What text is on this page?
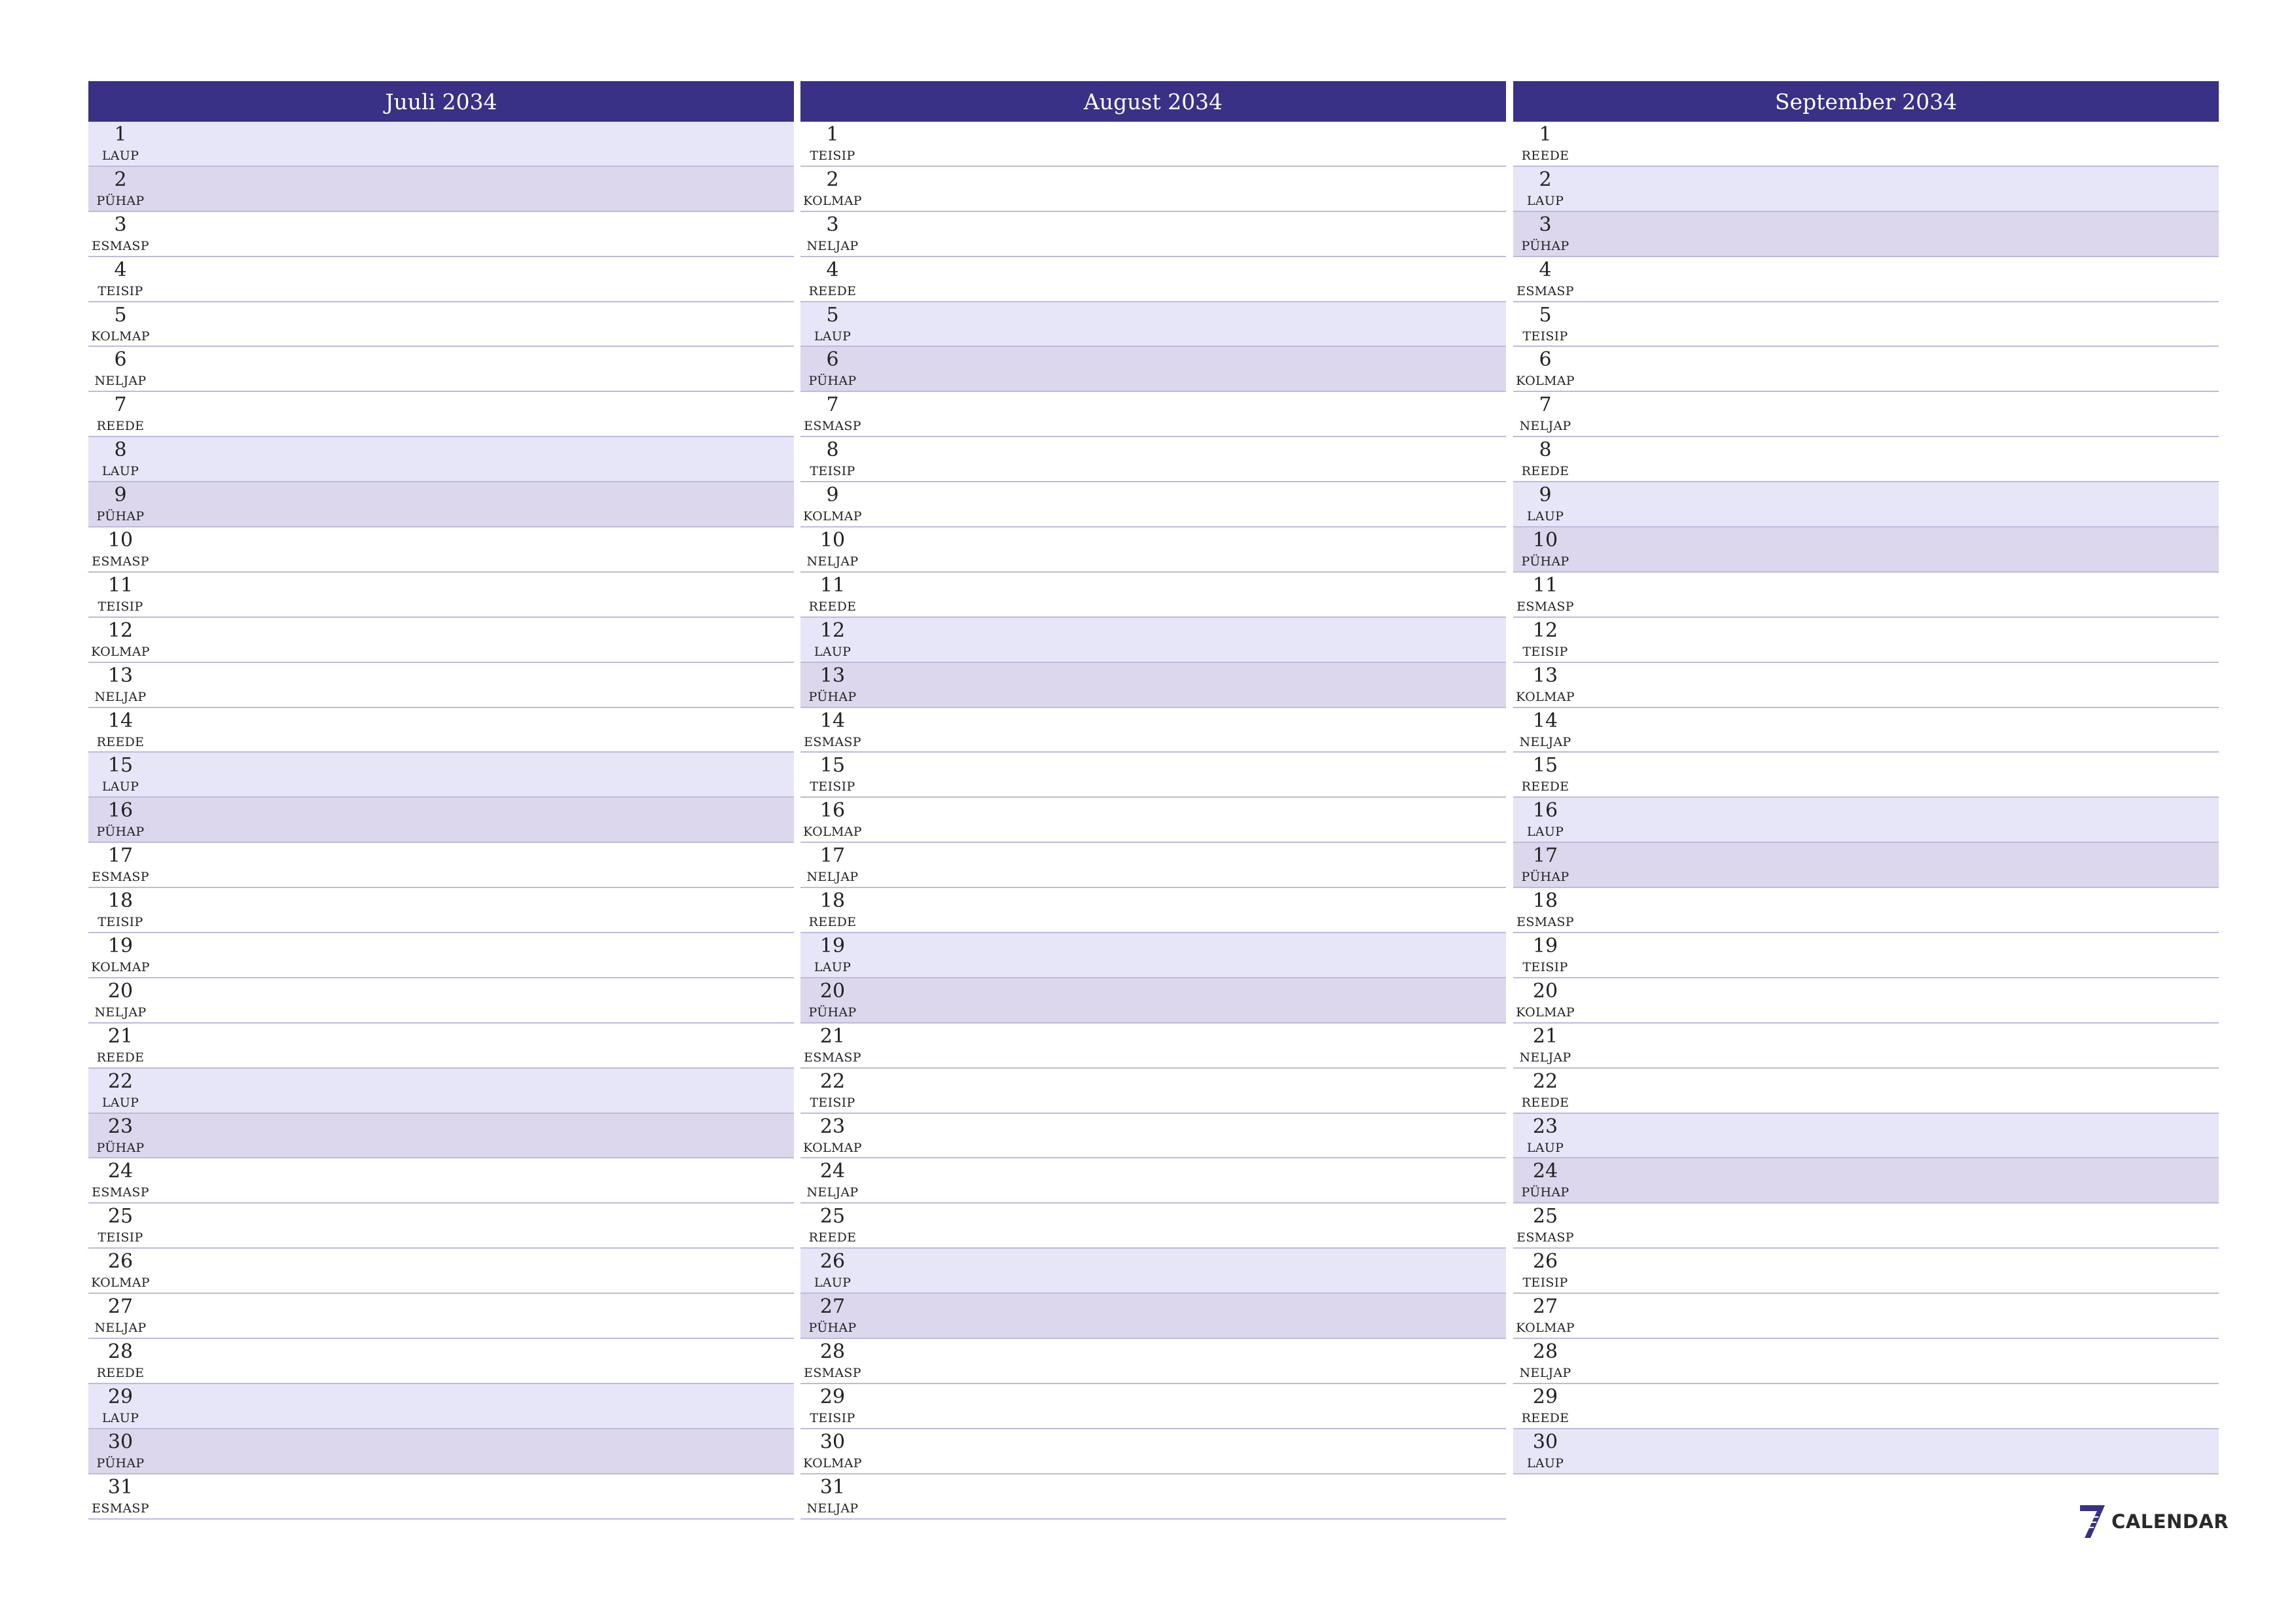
Juuli 2034
1
LAUP
2
PÜHAP
3
ESMASP
4
TEISIP
5
KOLMAP
6
NELJAP
7
REEDE
8
LAUP
9
PÜHAP
10
ESMASP
11
TEISIP
12
KOLMAP
13
NELJAP
14
REEDE
15
LAUP
16
PÜHAP
17
ESMASP
18
TEISIP
19
KOLMAP
20
NELJAP
21
REEDE
22
LAUP
23
PÜHAP
24
ESMASP
25
TEISIP
26
KOLMAP
27
NELJAP
28
REEDE
29
LAUP
30
PÜHAP
31
ESMASP
August 2034
1
TEISIP
2
KOLMAP
3
NELJAP
4
REEDE
5
LAUP
6
PÜHAP
7
ESMASP
8
TEISIP
9
KOLMAP
10
NELJAP
11
REEDE
12
LAUP
13
PÜHAP
14
ESMASP
15
TEISIP
16
KOLMAP
17
NELJAP
18
REEDE
19
LAUP
20
PÜHAP
21
ESMASP
22
TEISIP
23
KOLMAP
24
NELJAP
25
REEDE
26
LAUP
27
PÜHAP
28
ESMASP
29
TEISIP
30
KOLMAP
31
NELJAP
September 2034
1
REEDE
2
LAUP
3
PÜHAP
4
ESMASP
5
TEISIP
6
KOLMAP
7
NELJAP
8
REEDE
9
LAUP
10
PÜHAP
11
ESMASP
12
TEISIP
13
KOLMAP
14
NELJAP
15
REEDE
16
LAUP
17
PÜHAP
18
ESMASP
19
TEISIP
20
KOLMAP
21
NELJAP
22
REEDE
23
LAUP
24
PÜHAP
25
ESMASP
26
TEISIP
27
KOLMAP
28
NELJAP
29
REEDE
30
LAUP
CALENDAR
